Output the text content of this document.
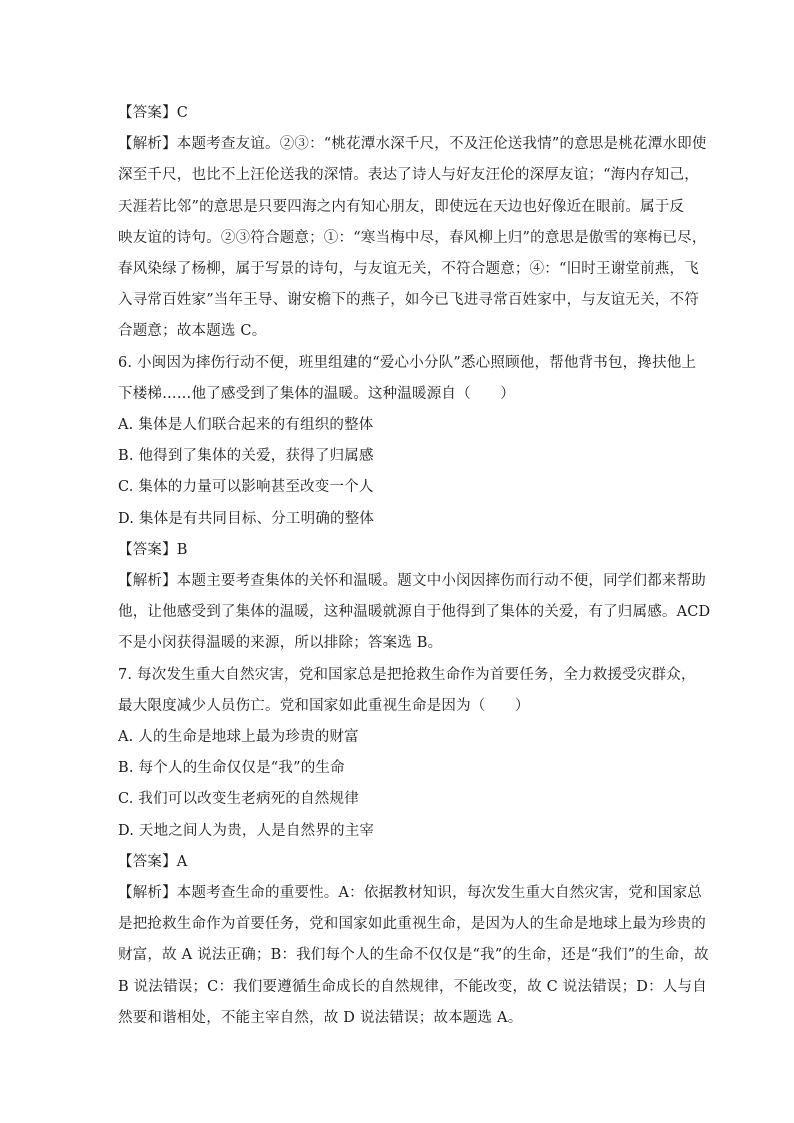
【答案】C
【解析】本题考查友谊。②③：“桃花潭水深千尺，不及汪伦送我情”的意思是桃花潭水即使
深至千尺，也比不上汪伦送我的深情。表达了诗人与好友汪伦的深厚友谊；“海内存知己，
天涯若比邻”的意思是只要四海之内有知心朋友，即使远在天边也好像近在眼前。属于反
映友谊的诗句。②③符合题意；①：“寒当梅中尽，春风柳上归”的意思是傲雪的寒梅已尽，
春风染绿了杨柳，属于写景的诗句，与友谊无关，不符合题意；④：“旧时王谢堂前燕，飞
入寻常百姓家”当年王导、谢安檐下的燕子，如今已飞进寻常百姓家中，与友谊无关，不符
合题意；故本题选 C。
6. 小闽因为摔伤行动不便，班里组建的“爱心小分队”悉心照顾他，帮他背书包，搀扶他上
下楼梯……他了感受到了集体的温暖。这种温暖源自（　　）
A. 集体是人们联合起来的有组织的整体
B. 他得到了集体的关爱，获得了归属感
C. 集体的力量可以影响甚至改变一个人
D. 集体是有共同目标、分工明确的整体
【答案】B
【解析】本题主要考查集体的关怀和温暖。题文中小闵因摔伤而行动不便，同学们都来帮助
他，让他感受到了集体的温暖，这种温暖就源自于他得到了集体的关爱，有了归属感。ACD
不是小闵获得温暖的来源，所以排除；答案选 B。
7. 每次发生重大自然灾害，党和国家总是把抢救生命作为首要任务，全力救援受灾群众，
最大限度减少人员伤亡。党和国家如此重视生命是因为（　　）
A. 人的生命是地球上最为珍贵的财富
B. 每个人的生命仅仅是“我”的生命
C. 我们可以改变生老病死的自然规律
D. 天地之间人为贵，人是自然界的主宰
【答案】A
【解析】本题考查生命的重要性。A：依据教材知识，每次发生重大自然灾害，党和国家总
是把抢救生命作为首要任务，党和国家如此重视生命，是因为人的生命是地球上最为珍贵的
财富，故 A 说法正确；B：我们每个人的生命不仅仅是“我”的生命，还是“我们”的生命，故
B 说法错误；C：我们要遵循生命成长的自然规律，不能改变，故 C 说法错误；D：人与自
然要和谐相处，不能主宰自然，故 D 说法错误；故本题选 A。
